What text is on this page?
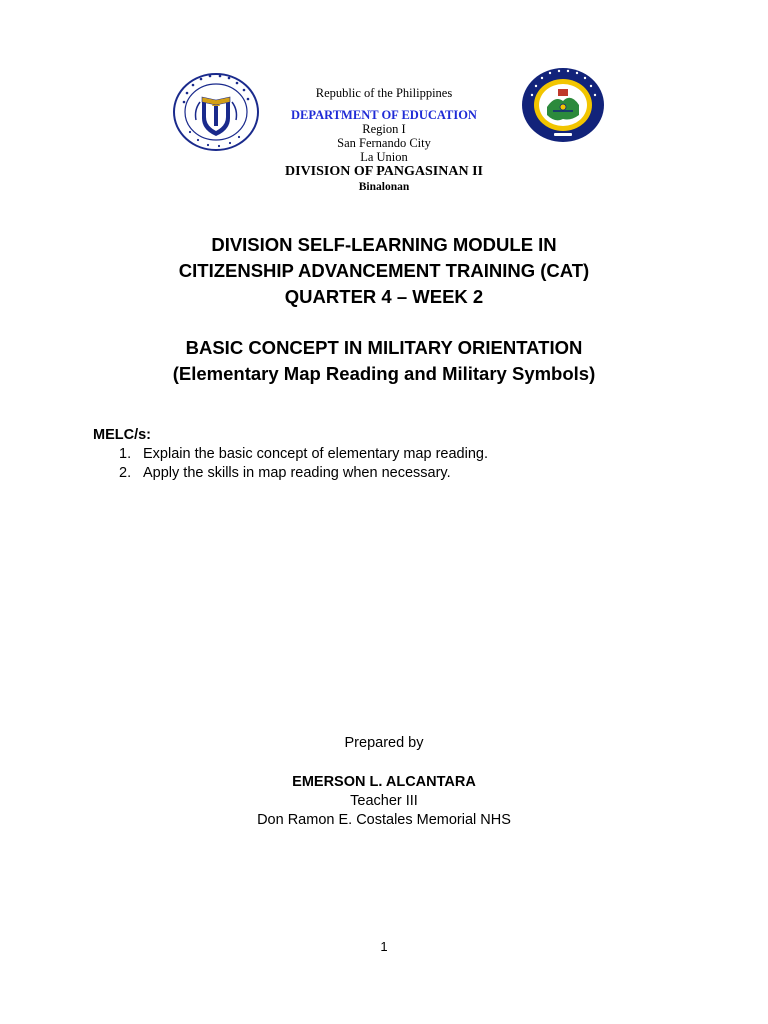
Republic of the Philippines
DEPARTMENT OF EDUCATION
Region I
San Fernando City
La Union
DIVISION OF PANGASINAN II
Binalonan
DIVISION SELF-LEARNING MODULE IN
CITIZENSHIP ADVANCEMENT TRAINING (CAT)
QUARTER 4 – WEEK 2
BASIC CONCEPT IN MILITARY ORIENTATION
(Elementary Map Reading and Military Symbols)
MELC/s:
1. Explain the basic concept of elementary map reading.
2. Apply the skills in map reading when necessary.
Prepared by
EMERSON L. ALCANTARA
Teacher III
Don Ramon E. Costales Memorial NHS
1
